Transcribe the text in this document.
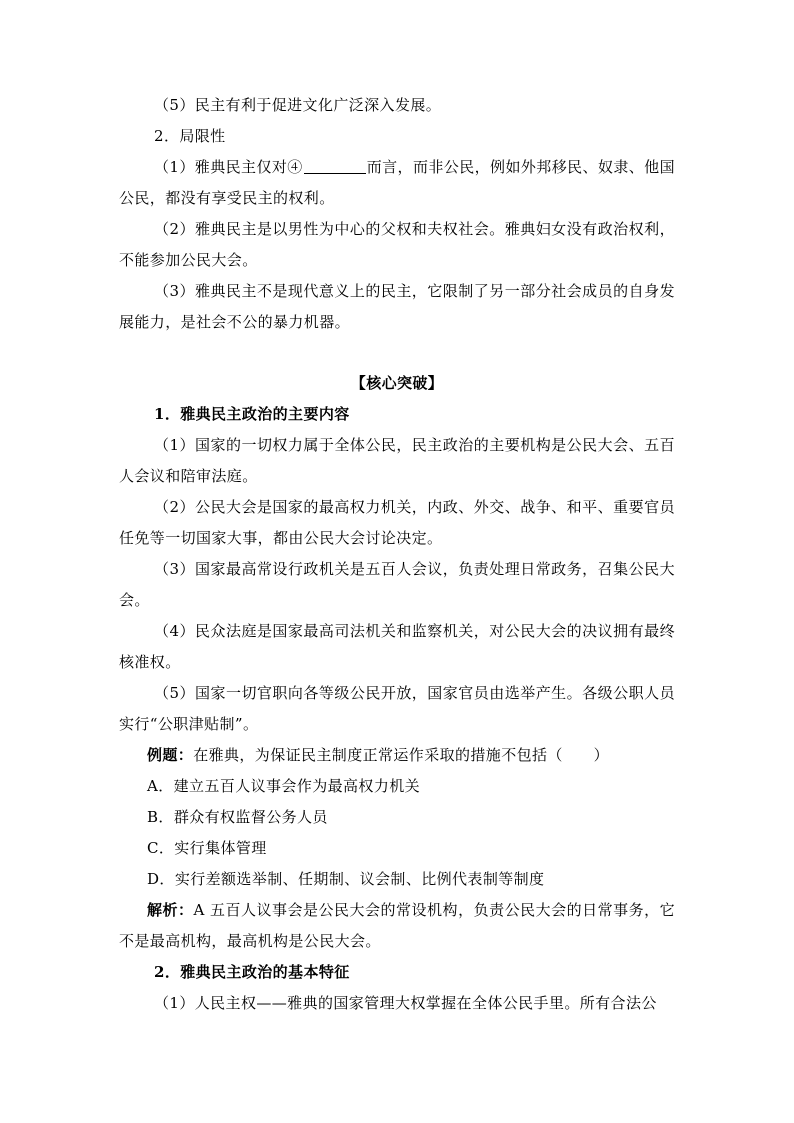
（5）民主有利于促进文化广泛深入发展。

2．局限性

（1）雅典民主仅对④	而言，而非公民，例如外邦移民、奴隶、他国公民，都没有享受民主的权利。

（2）雅典民主是以男性为中心的父权和夫权社会。雅典妇女没有政治权利，不能参加公民大会。

（3）雅典民主不是现代意义上的民主，它限制了另一部分社会成员的自身发展能力，是社会不公的暴力机器。

【核心突破】

1．雅典民主政治的主要内容

（1）国家的一切权力属于全体公民，民主政治的主要机构是公民大会、五百人会议和陪审法庭。

（2）公民大会是国家的最高权力机关，内政、外交、战争、和平、重要官员任免等一切国家大事，都由公民大会讨论决定。

（3）国家最高常设行政机关是五百人会议，负责处理日常政务，召集公民大会。

（4）民众法庭是国家最高司法机关和监察机关，对公民大会的决议拥有最终核准权。

（5）国家一切官职向各等级公民开放，国家官员由选举产生。各级公职人员实行“公职津贴制”。

例题：在雅典，为保证民主制度正常运作采取的措施不包括（　　）

A．建立五百人议事会作为最高权力机关

B．群众有权监督公务人员

C．实行集体管理

D．实行差额选举制、任期制、议会制、比例代表制等制度

解析：A 五百人议事会是公民大会的常设机构，负责公民大会的日常事务，它不是最高机构，最高机构是公民大会。

2．雅典民主政治的基本特征

（1）人民主权——雅典的国家管理大权掌握在全体公民手里。所有合法公
